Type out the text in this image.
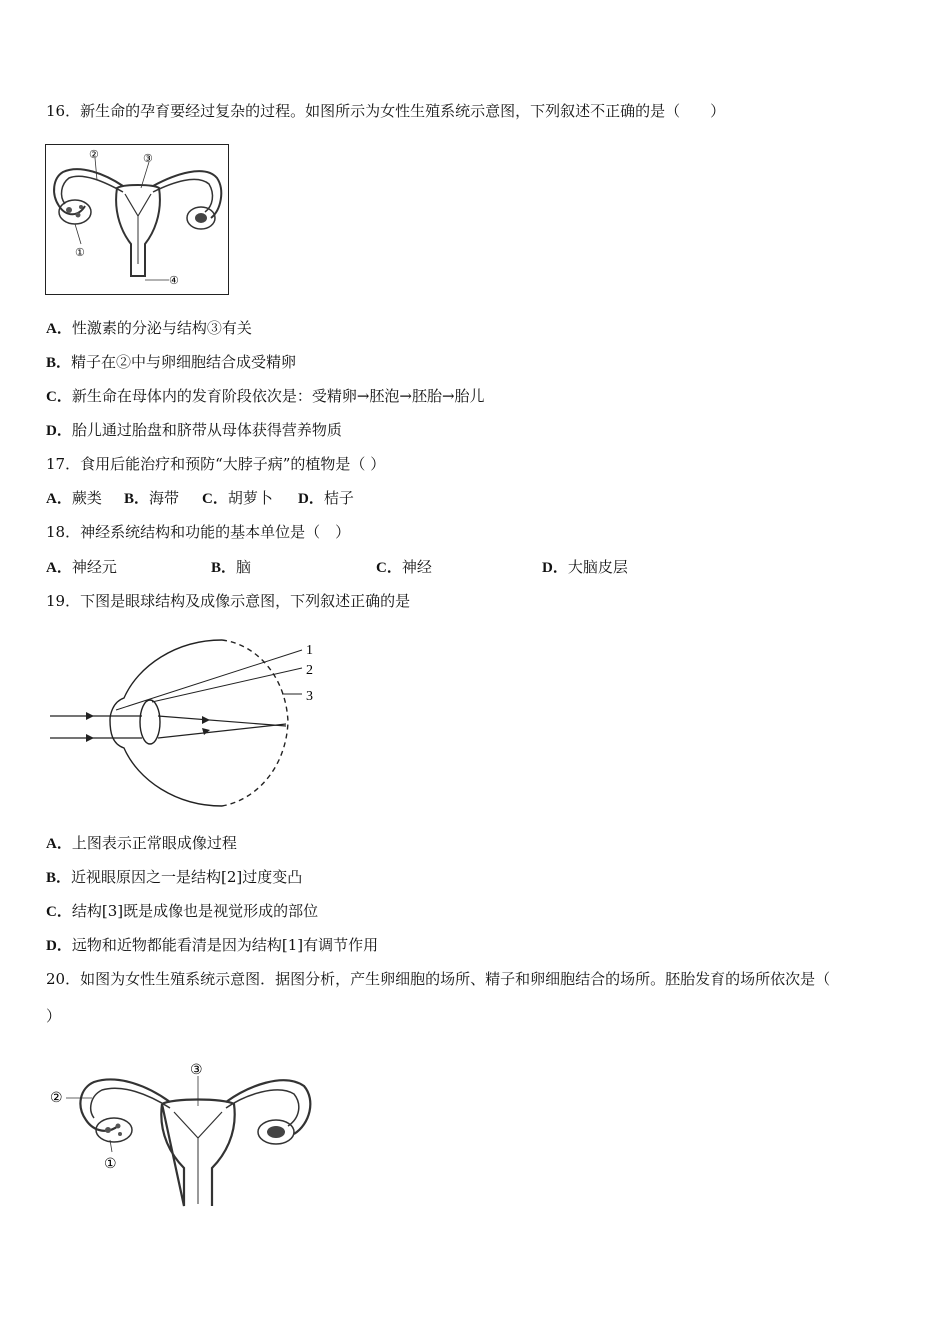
16．新生命的孕育要经过复杂的过程。如图所示为女性生殖系统示意图，下列叙述不正确的是（　　）
②	③
①
④
A．性激素的分泌与结构③有关
B．精子在②中与卵细胞结合成受精卵
C．新生命在母体内的发育阶段依次是：受精卵→胚泡→胚胎→胎儿
D．胎儿通过胎盘和脐带从母体获得营养物质
17．食用后能治疗和预防“大脖子病”的植物是（ ）
A．蕨类 B．海带 C．胡萝卜 D．桔子
18．神经系统结构和功能的基本单位是（　）
A．神经元	B．脑	C．神经	D．大脑皮层
19．下图是眼球结构及成像示意图，下列叙述正确的是
1
2
3
A．上图表示正常眼成像过程
B．近视眼原因之一是结构[2]过度变凸
C．结构[3]既是成像也是视觉形成的部位
D．远物和近物都能看清是因为结构[1]有调节作用
20．如图为女性生殖系统示意图．据图分析，产生卵细胞的场所、精子和卵细胞结合的场所。胚胎发育的场所依次是（
）
③
②
①
